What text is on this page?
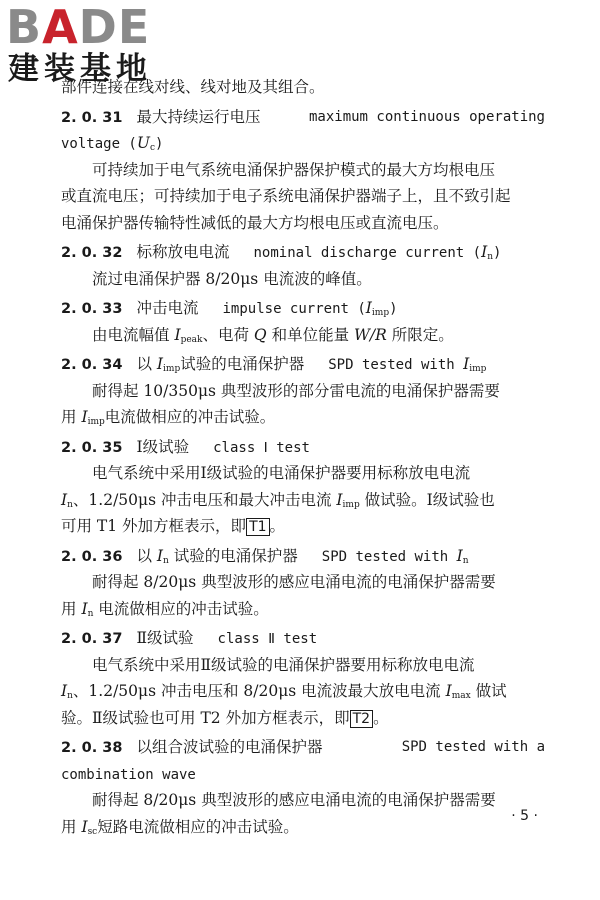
BADE
建装基地
部件连接在线对线、线对地及其组合。
2. 0. 31 最大持续运行电压	maximum continuous operating
voltage $(U_c)$
可持续加于电气系统电涌保护器保护模式的最大方均根电压
或直流电压；可持续加于电子系统电涌保护器端子上，且不致引起
电涌保护器传输特性减低的最大方均根电压或直流电压。
2. 0. 32 标称放电电流 nominal discharge current $(I_n)$
流过电涌保护器 8/20μs 电流波的峰值。
2. 0. 33 冲击电流 impulse current $(I_{imp})$
由电流幅值 $I_{peak}$、电荷 Q 和单位能量 W/R 所限定。
2. 0. 34 以 $I_{imp}$试验的电涌保护器 SPD tested with $I_{imp}$
耐得起 10/350μs 典型波形的部分雷电流的电涌保护器需要
用 $I_{imp}$电流做相应的冲击试验。
2. 0. 35 Ⅰ级试验 class Ⅰ test
电气系统中采用Ⅰ级试验的电涌保护器要用标称放电电流
$I_n$、1.2/50μs 冲击电压和最大冲击电流 $I_{imp}$ 做试验。Ⅰ级试验也
可用 T1 外加方框表示，即 T1 。
2. 0. 36 以 $I_n$ 试验的电涌保护器 SPD tested with $I_n$
耐得起 8/20μs 典型波形的感应电涌电流的电涌保护器需要
用 $I_n$ 电流做相应的冲击试验。
2. 0. 37 Ⅱ级试验 class Ⅱ test
电气系统中采用Ⅱ级试验的电涌保护器要用标称放电电流
$I_n$、1.2/50μs 冲击电压和 8/20μs 电流波最大放电电流 $I_{max}$ 做试
验。Ⅱ级试验也可用 T2 外加方框表示，即 T2 。
2. 0. 38 以组合波试验的电涌保护器	SPD tested with a
combination wave
耐得起 8/20μs 典型波形的感应电涌电流的电涌保护器需要
用 $I_{sc}$短路电流做相应的冲击试验。
· 5 ·
